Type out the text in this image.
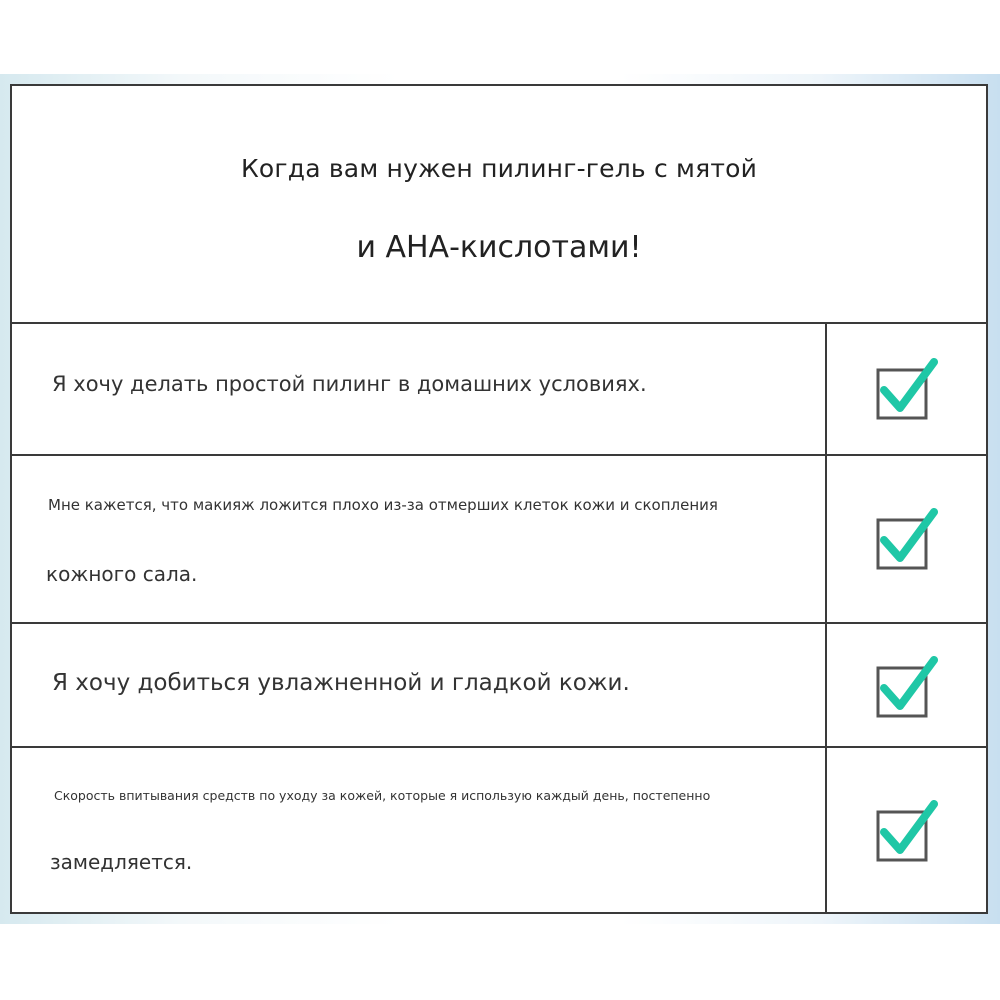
Когда вам нужен пилинг-гель с мятой
и АНА-кислотами!
Я хочу делать простой пилинг в домашних условиях.
Мне кажется, что макияж ложится плохо из-за отмерших клеток кожи и скопления
кожного сала.
Я хочу добиться увлажненной и гладкой кожи.
Скорость впитывания средств по уходу за кожей, которые я использую каждый день, постепенно
замедляется.
